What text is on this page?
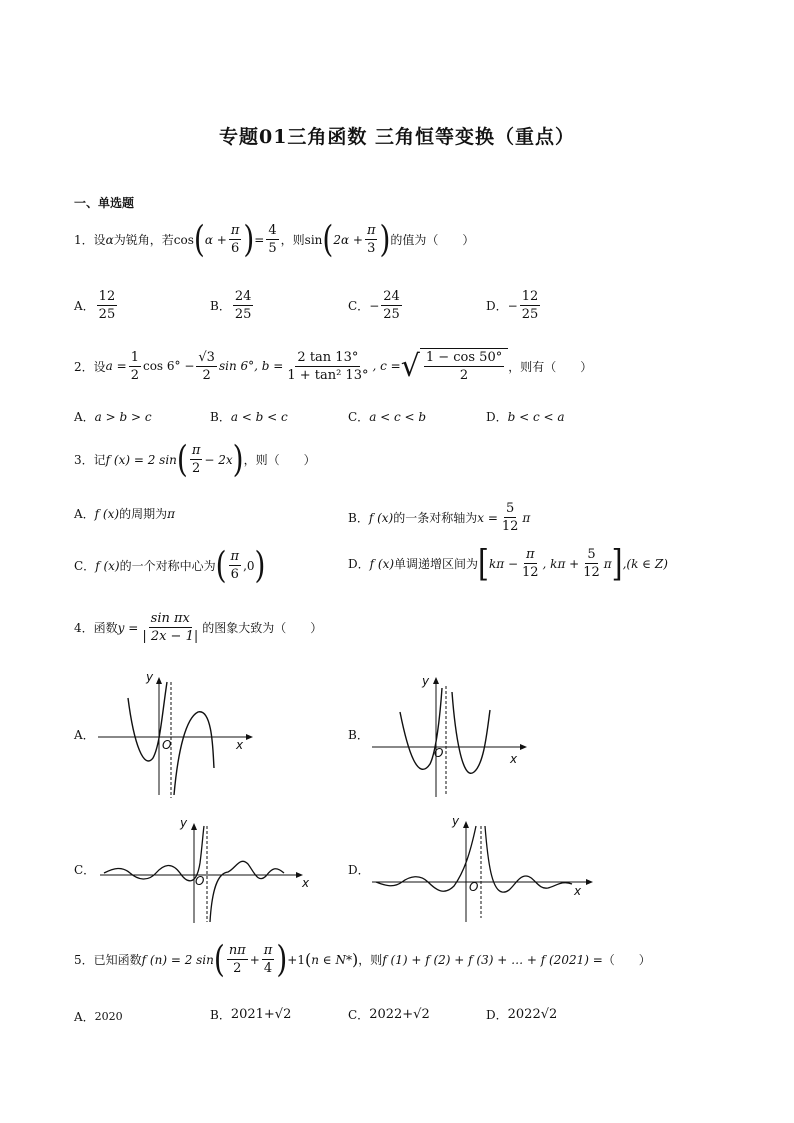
专题01三角函数 三角恒等变换（重点）
一、单选题
1． 设 α 为锐角，若 cos ( $\alpha + \frac{\pi}{6}$ ) = $\frac{4}{5}$ ，则 sin ( $2\alpha + \frac{\pi}{3}$ ) 的值为（　　）
A． $\frac{12}{25}$	B． $\frac{24}{25}$	C． − $\frac{24}{25}$	D． − $\frac{12}{25}$
2． 设 $a = \frac{1}{2}$ $\cos 6^\circ - \frac{√3}{2}$ sin 6°, $b = \frac{2 \tan 13^\circ}{\text{1 + tan² 13°}}$ , c = √ $\frac{1 - \cos 50^\circ}{2}$ ，则有（　　）
A． a > b > c	B． a < b < c	C． a < c < b	D． b < c < a
3． 记 f (x) = 2 sin ( $\frac{\pi}{2} - 2x$ ) ，则（　　）
A． f (x) 的周期为 π	B． f (x) 的一条对称轴为 $x = \frac{5}{12}$ π
C． f (x) 的一个对称中心为 ( $\frac{\pi}{6} ,0$ )	D． f (x) 单调递增区间为 [ $k\pi - \frac{\pi}{12}$ , $k\pi + \frac{5}{12}$ π ] ,(k ∈ Z)
4． 函数 $y = \frac{\text{sin πx}}{| 2x - 1|}$ 的图象大致为（　　）
A．	B．
C．	D．
y
x
O
y
x
O
y
x
O
y
x
O
5． 已知函数 f (n) = 2 sin ( $\frac{n\pi}{2} + \frac{\pi}{4}$ ) +1 ( n ∈ N* ) ，则 f (1) + f (2) + f (3) + … + f (2021) = （　　）
A． 2020	B． 2021+√2	C． 2022+√2	D． 2022√2
